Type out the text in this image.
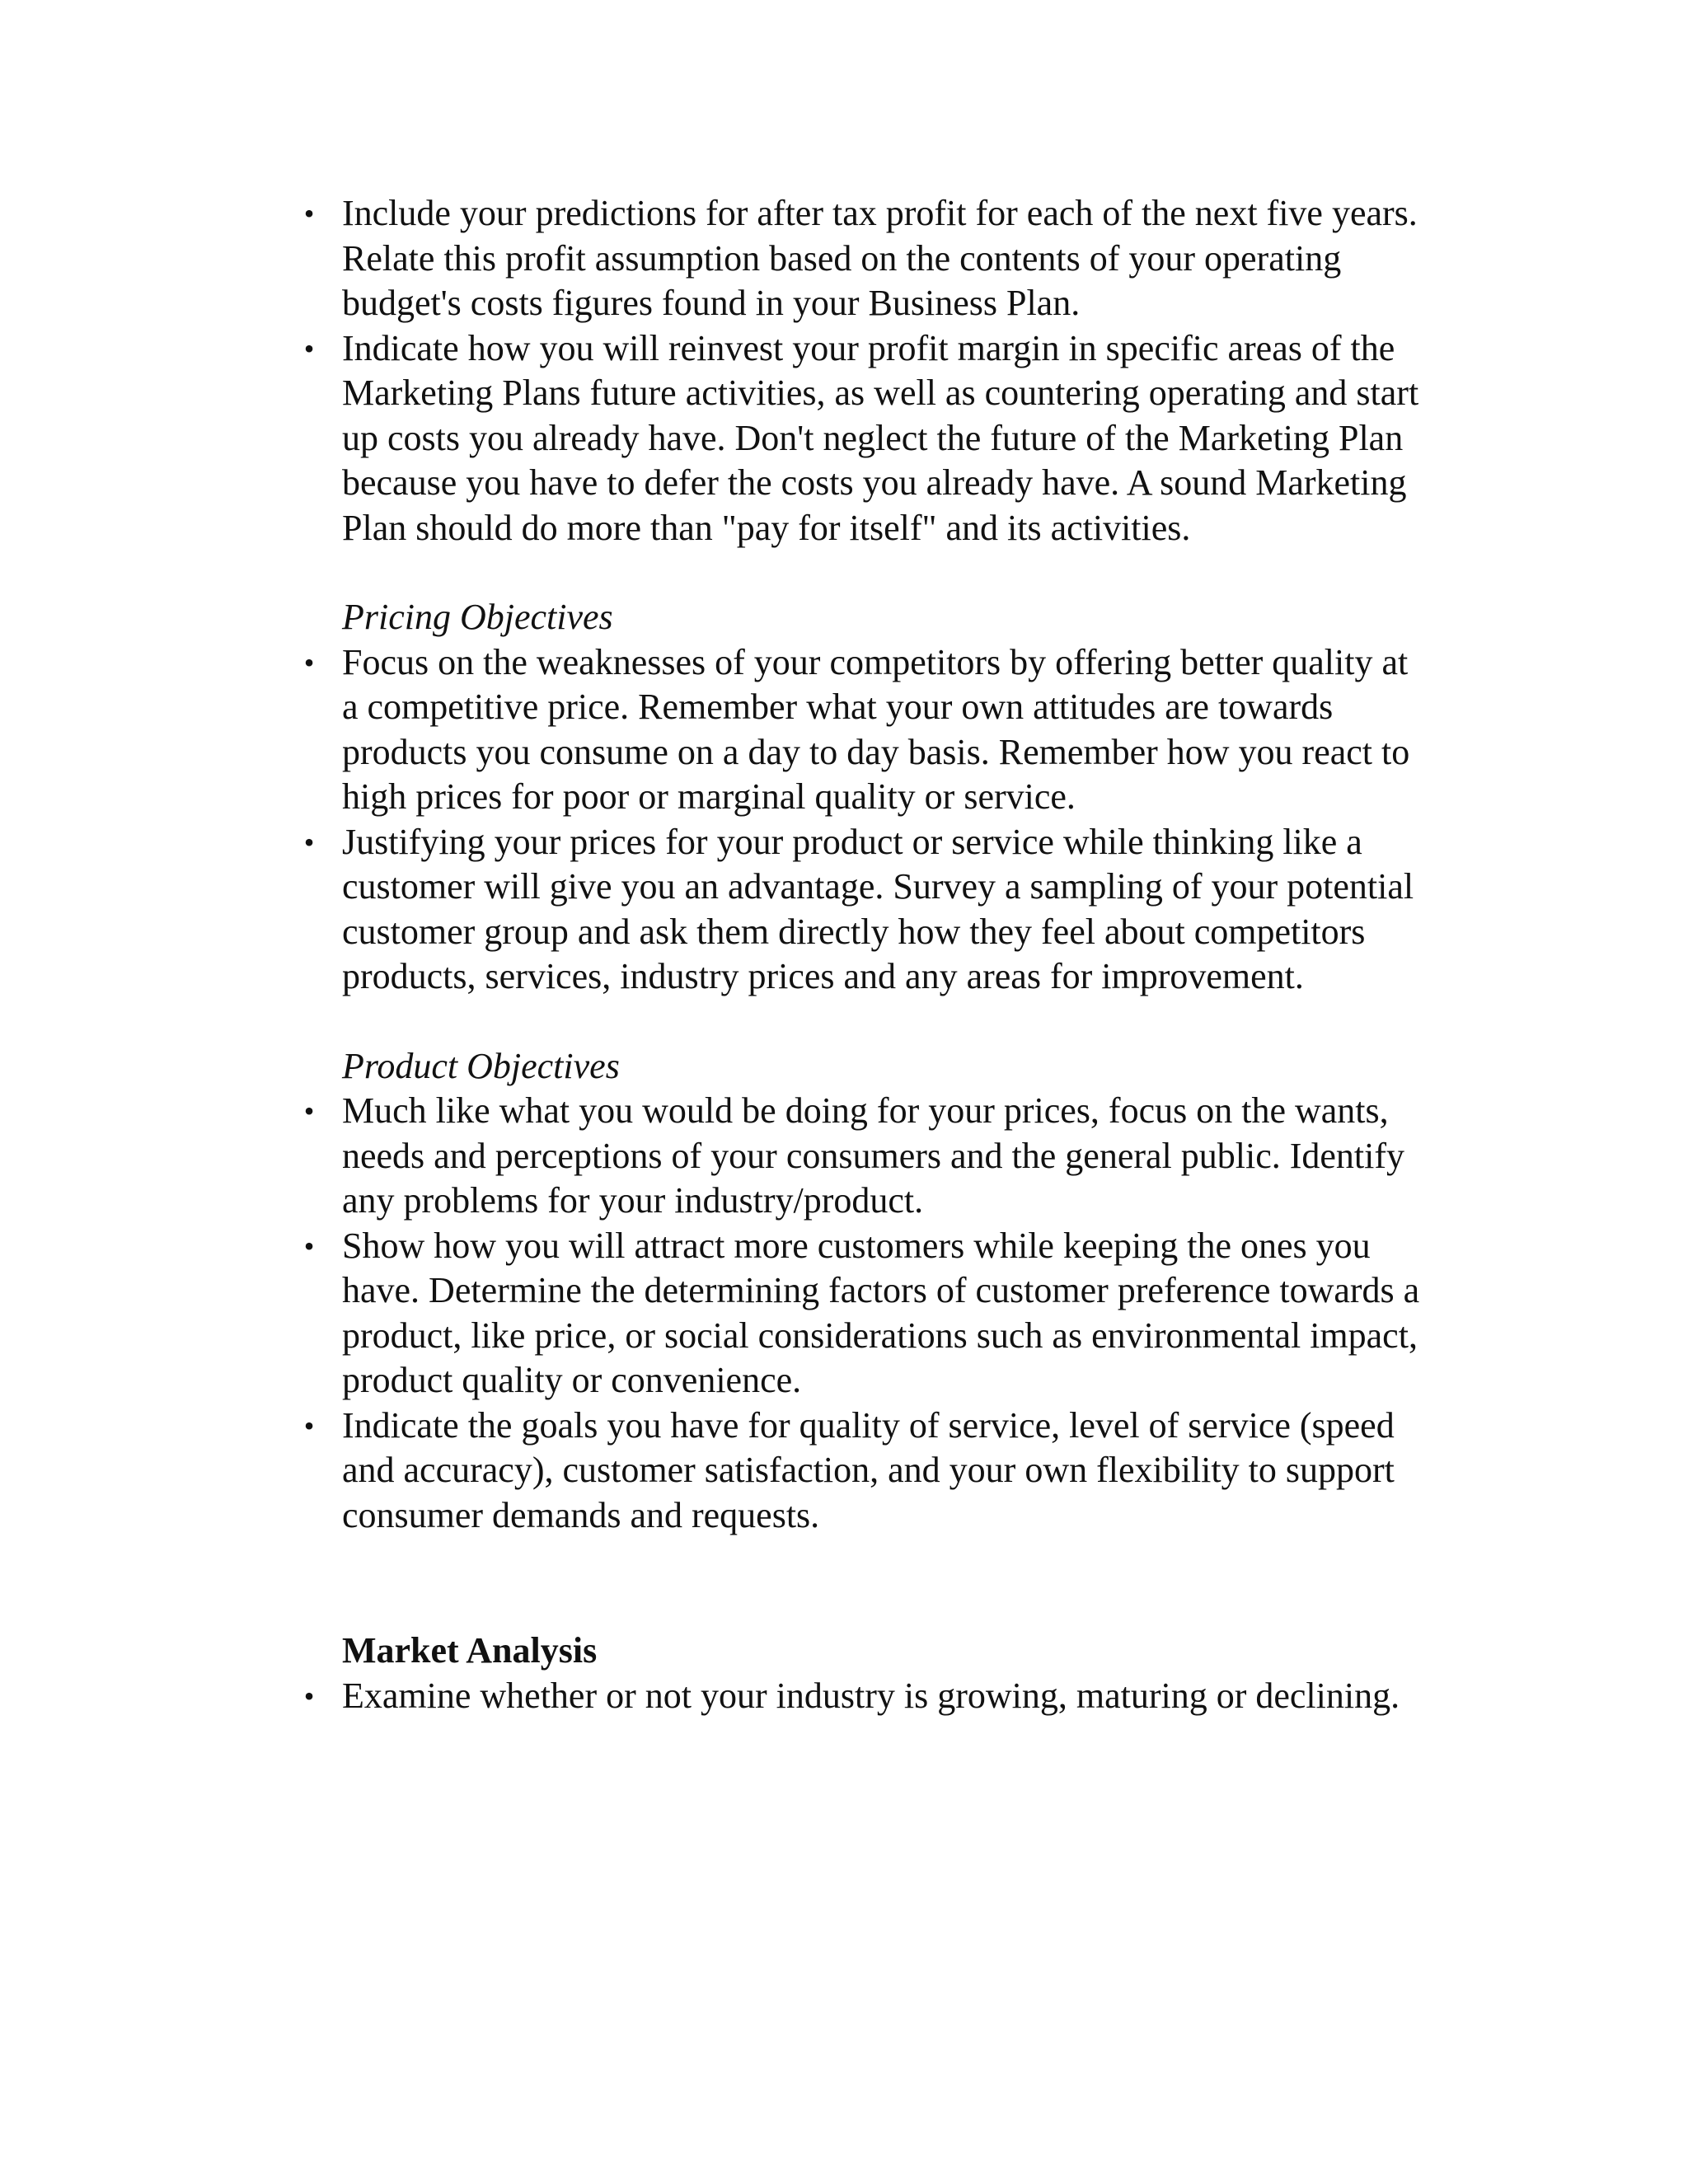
• Include your predictions for after tax profit for each of the next five years. Relate this profit assumption based on the contents of your operating budget's costs figures found in your Business Plan.
• Indicate how you will reinvest your profit margin in specific areas of the Marketing Plans future activities, as well as countering operating and start up costs you already have. Don't neglect the future of the Marketing Plan because you have to defer the costs you already have. A sound Marketing Plan should do more than "pay for itself" and its activities.
Pricing Objectives
• Focus on the weaknesses of your competitors by offering better quality at a competitive price. Remember what your own attitudes are towards products you consume on a day to day basis. Remember how you react to high prices for poor or marginal quality or service.
• Justifying your prices for your product or service while thinking like a customer will give you an advantage. Survey a sampling of your potential customer group and ask them directly how they feel about competitors products, services, industry prices and any areas for improvement.
Product Objectives
• Much like what you would be doing for your prices, focus on the wants, needs and perceptions of your consumers and the general public. Identify any problems for your industry/product.
• Show how you will attract more customers while keeping the ones you have. Determine the determining factors of customer preference towards a product, like price, or social considerations such as environmental impact, product quality or convenience.
• Indicate the goals you have for quality of service, level of service (speed and accuracy), customer satisfaction, and your own flexibility to support consumer demands and requests.
Market Analysis
• Examine whether or not your industry is growing, maturing or declining.
